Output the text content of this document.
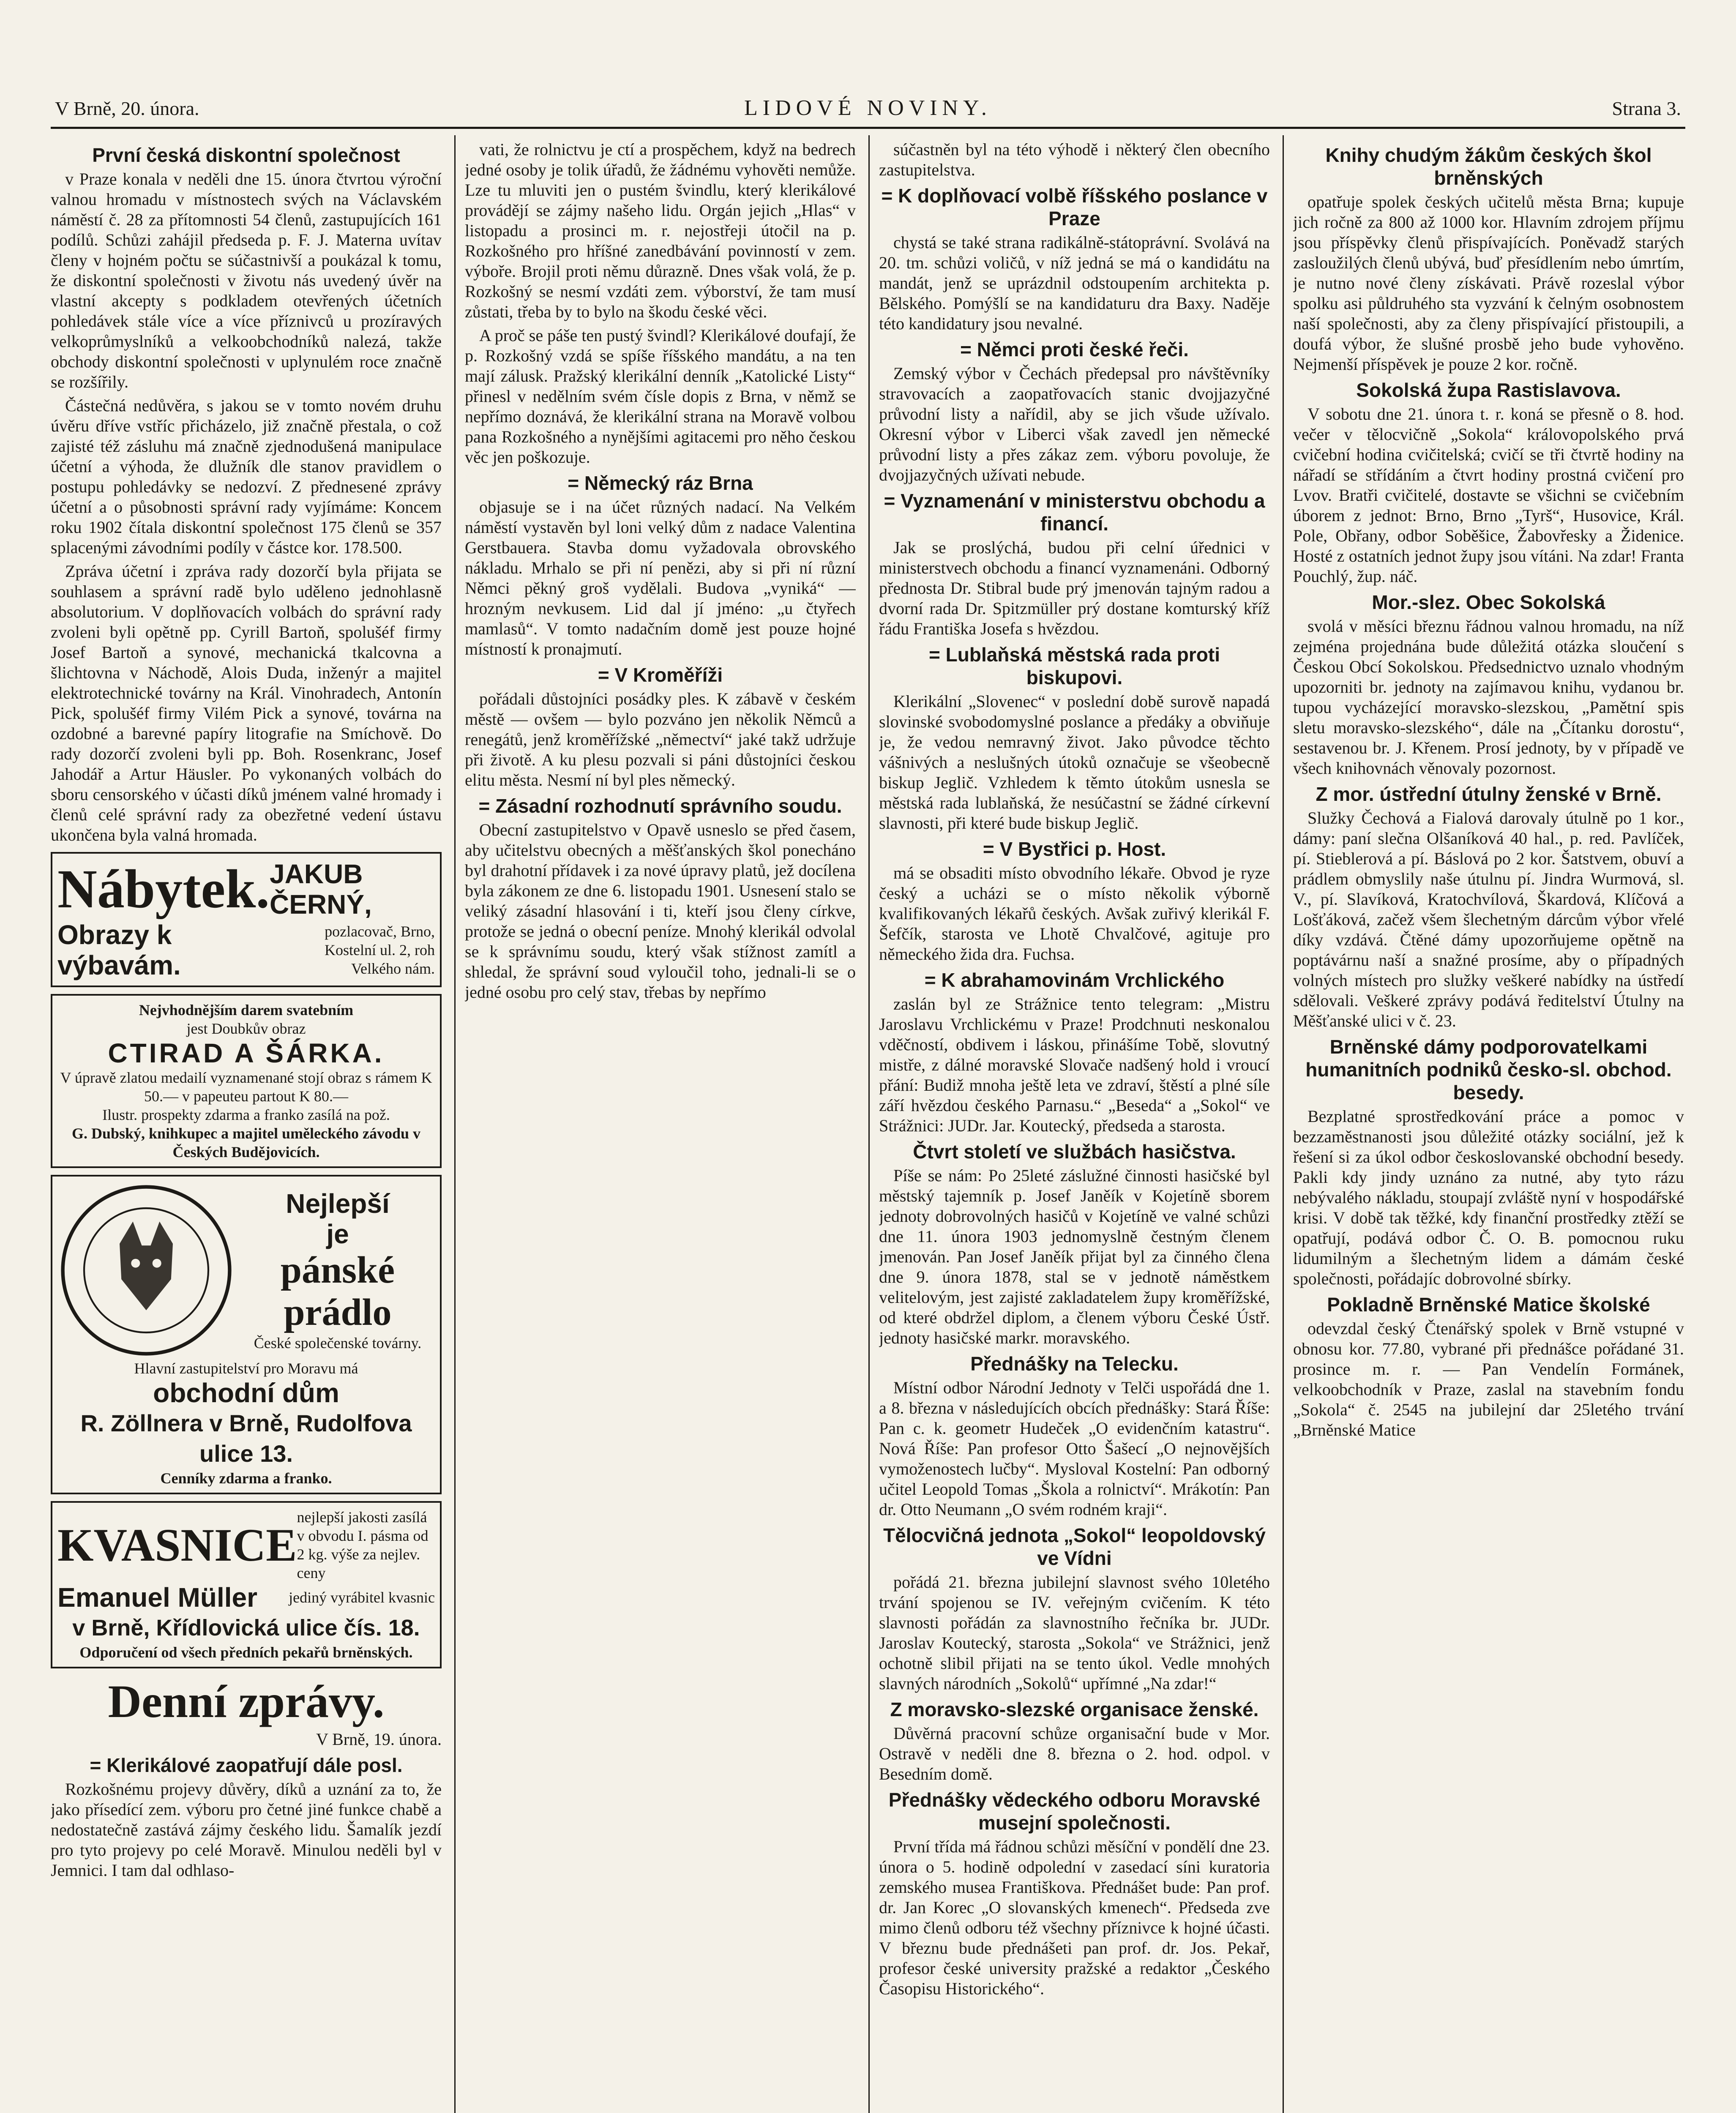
V Brně, 20. února.	LIDOVÉ NOVINY.	Strana 3.
První česká diskontní společnost

v Praze konala v neděli dne 15. února čtvrtou výroční valnou hromadu v místnostech svých na Václavském náměstí č. 28 za přítomnosti 54 členů, zastupujících 161 podílů. Schůzi zahájil předseda p. F. J. Materna uvítav členy v hojném počtu se súčastnivší a poukázal k tomu, že diskontní společnosti v životu nás uvedený úvěr na vlastní akcepty s podkladem otevřených účetních pohledávek stále více a více příznivců u prozíravých velkoprůmyslníků a velkoobchodníků nalezá, takže obchody diskontní společnosti v uplynulém roce značně se rozšířily.

Částečná nedůvěra, s jakou se v tomto novém druhu úvěru dříve vstříc přicházelo, již značně přestala, o což zajisté též zásluhu má značně zjednodušená manipulace účetní a výhoda, že dlužník dle stanov pravidlem o postupu pohledávky se nedozví. Z přednesené zprávy účetní a o působnosti správní rady vyjímáme: Koncem roku 1902 čítala diskontní společnost 175 členů se 357 splacenými závodními podíly v částce kor. 178.500.

Zpráva účetní i zpráva rady dozorčí byla přijata se souhlasem a správní radě bylo uděleno jednohlasně absolutorium. V doplňovacích volbách do správní rady zvoleni byli opětně pp. Cyrill Bartoň, spolušéf firmy Josef Bartoň a synové, mechanická tkalcovna a šlichtovna v Náchodě, Alois Duda, inženýr a majitel elektrotechnické továrny na Král. Vinohradech, Antonín Pick, spolušéf firmy Vilém Pick a synové, továrna na ozdobné a barevné papíry litografie na Smíchově. Do rady dozorčí zvoleni byli pp. Boh. Rosenkranc, Josef Jahodář a Artur Häusler. Po vykonaných volbách do sboru censorského v účasti díků jménem valné hromady i členů celé správní rady za obezřetné vedení ústavu ukončena byla valná hromada.

Nábytek. JAKUB ČERNÝ,
Obrazy k výbavám.
pozlacovač, Brno, Kostelní ul. 2, roh Velkého nám.
Nejvhodnějším darem svatebním
jest Doubkův obraz
CTIRAD A ŠÁRKA.
V úpravě zlatou medailí vyznamenané stojí obraz s rámem K 50.— v papeuteu partout K 80.—
Ilustr. prospekty zdarma a franko zasílá na pož.
G. Dubský, knihkupec a majitel uměleckého závodu v Českých Budějovicích.
Nejlepší
je
pánské prádlo
České společenské továrny.
Hlavní zastupitelství pro Moravu má
obchodní dům
R. Zöllnera v Brně, Rudolfova ulice 13.
Cenníky zdarma a franko.
KVASNICE
nejlepší jakosti zasílá v obvodu I. pásma od 2 kg. výše za nejlev. ceny
Emanuel Müller jediný vyrábitel kvasnic
v Brně, Křídlovická ulice čís. 18.
Odporučení od všech předních pekařů brněnských.
Denní zprávy.
V Brně, 19. února.
= Klerikálové zaopatřují dále posl.

Rozkošnému projevy důvěry, díků a uznání za to, že jako přísedící zem. výboru pro četné jiné funkce chabě a nedostatečně zastává zájmy českého lidu. Šamalík jezdí pro tyto projevy po celé Moravě. Minulou neděli byl v Jemnici. I tam dal odhlaso-

vati, že rolnictvu je ctí a prospěchem, když na bedrech jedné osoby je tolik úřadů, že žádnému vyhověti nemůže. Lze tu mluviti jen o pustém švindlu, který klerikálové provádějí se zájmy našeho lidu. Orgán jejich „Hlas“ v listopadu a prosinci m. r. nejostřeji útočil na p. Rozkošného pro hříšné zanedbávání povinností v zem. výboře. Brojil proti němu důrazně. Dnes však volá, že p. Rozkošný se nesmí vzdáti zem. výborství, že tam musí zůstati, třeba by to bylo na škodu české věci.

A proč se páše ten pustý švindl? Klerikálové doufají, že p. Rozkošný vzdá se spíše říšského mandátu, a na ten mají zálusk. Pražský klerikální denník „Katolické Listy“ přinesl v nedělním svém čísle dopis z Brna, v němž se nepřímo doznává, že klerikální strana na Moravě volbou pana Rozkošného a nynějšími agitacemi pro něho českou věc jen poškozuje.

= Německý ráz Brna

objasuje se i na účet různých nadací. Na Velkém náměstí vystavěn byl loni velký dům z nadace Valentina Gerstbauera. Stavba domu vyžadovala obrovského nákladu. Mrhalo se při ní penězi, aby si při ní různí Němci pěkný groš vydělali. Budova „vyniká“ — hrozným nevkusem. Lid dal jí jméno: „u čtyřech mamlasů“. V tomto nadačním domě jest pouze hojné místností k pronajmutí.

= V Kroměříži

pořádali důstojníci posádky ples. K zábavě v českém městě — ovšem — bylo pozváno jen několik Němců a renegátů, jenž kroměřížské „němectví“ jaké takž udržuje při životě. A ku plesu pozvali si páni důstojníci českou elitu města. Nesmí ní byl ples německý.

= Zásadní rozhodnutí správního soudu.

Obecní zastupitelstvo v Opavě usneslo se před časem, aby učitelstvu obecných a měšťanských škol ponecháno byl drahotní přídavek i za nové úpravy platů, jež docílena byla zákonem ze dne 6. listopadu 1901. Usnesení stalo se veliký zásadní hlasování i ti, kteří jsou členy církve, protože se jedná o obecní peníze. Mnohý klerikál odvolal se k správnímu soudu, který však stížnost zamítl a shledal, že správní soud vyloučil toho, jednali-li se o jedné osobu pro celý stav, třebas by nepřímo

súčastněn byl na této výhodě i některý člen obecního zastupitelstva.

= K doplňovací volbě říšského poslance v Praze

chystá se také strana radikálně-státoprávní. Svolává na 20. tm. schůzi voličů, v níž jedná se má o kandidátu na mandát, jenž se uprázdnil odstoupením architekta p. Bělského. Pomýšlí se na kandidaturu dra Baxy. Naděje této kandidatury jsou nevalné.

= Němci proti české řeči.

Zemský výbor v Čechách předepsal pro návštěvníky stravovacích a zaopatřovacích stanic dvojjazyčné průvodní listy a nařídil, aby se jich všude užívalo. Okresní výbor v Liberci však zavedl jen německé průvodní listy a přes zákaz zem. výboru povoluje, že dvojjazyčných užívati nebude.

= Vyznamenání v ministerstvu obchodu a financí.

Jak se proslýchá, budou při celní úřednici v ministerstvech obchodu a financí vyznamenáni. Odborný přednosta Dr. Stibral bude prý jmenován tajným radou a dvorní rada Dr. Spitzmüller prý dostane komturský kříž řádu Františka Josefa s hvězdou.

= Lublaňská městská rada proti biskupovi.

Klerikální „Slovenec“ v poslední době surově napadá slovinské svobodomyslné poslance a předáky a obviňuje je, že vedou nemravný život. Jako původce těchto vášnivých a neslušných útoků označuje se všeobecně biskup Jeglič. Vzhledem k těmto útokům usnesla se městská rada lublaňská, že nesúčastní se žádné církevní slavnosti, při které bude biskup Jeglič.

= V Bystřici p. Host.

má se obsaditi místo obvodního lékaře. Obvod je ryze český a ucházi se o místo několik výborně kvalifikovaných lékařů českých. Avšak zuřivý klerikál F. Šefčík, starosta ve Lhotě Chvalčové, agituje pro německého žida dra. Fuchsa.

= K abrahamovinám Vrchlického

zaslán byl ze Strážnice tento telegram: „Mistru Jaroslavu Vrchlickému v Praze! Prodchnuti neskonalou vděčností, obdivem i láskou, přinášíme Tobě, slovutný mistře, z dálné moravské Slovače nadšený hold i vroucí přání: Budiž mnoha ještě leta ve zdraví, štěstí a plné síle září hvězdou českého Parnasu.“ „Beseda“ a „Sokol“ ve Strážnici: JUDr. Jar. Koutecký, předseda a starosta.

Čtvrt století ve službách hasičstva.

Píše se nám: Po 25leté záslužné činnosti hasičské byl městský tajemník p. Josef Janěík v Kojetíně sborem jednoty dobrovolných hasičů v Kojetíně ve valné schůzi dne 11. února 1903 jednomyslně čestným členem jmenován. Pan Josef Janěík přijat byl za činného člena dne 9. února 1878, stal se v jednotě náměstkem velitelovým, jest zajisté zakladatelem župy kroměřížské, od které obdržel diplom, a členem výboru České Ústř. jednoty hasičské markr. moravského.

Přednášky na Telecku.

Místní odbor Národní Jednoty v Telči uspořádá dne 1. a 8. března v následujících obcích přednášky: Stará Říše: Pan c. k. geometr Hudeček „O evidenčním katastru“. Nová Říše: Pan profesor Otto Šašecí „O nejnovějších vymoženostech lučby“. Mysloval Kostelní: Pan odborný učitel Leopold Tomas „Škola a rolnictví“. Mrákotín: Pan dr. Otto Neumann „O svém rodném kraji“.

Tělocvičná jednota „Sokol“ leopoldovský ve Vídni

pořádá 21. března jubilejní slavnost svého 10letého trvání spojenou se IV. veřejným cvičením. K této slavnosti pořádán za slavnostního řečníka br. JUDr. Jaroslav Koutecký, starosta „Sokola“ ve Strážnici, jenž ochotně slibil přijati na se tento úkol. Vedle mnohých slavných národních „Sokolů“ upřímné „Na zdar!“

Z moravsko-slezské organisace ženské.

Důvěrná pracovní schůze organisační bude v Mor. Ostravě v neděli dne 8. března o 2. hod. odpol. v Besedním domě.

Přednášky vědeckého odboru Moravské musejní společnosti.

První třída má řádnou schůzi měsíční v pondělí dne 23. února o 5. hodině odpolední v zasedací síni kuratoria zemského musea Františkova. Přednášet bude: Pan prof. dr. Jan Korec „O slovanských kmenech“. Předseda zve mimo členů odboru též všechny příznivce k hojné účasti. V březnu bude přednášeti pan prof. dr. Jos. Pekař, profesor české university pražské a redaktor „Českého Časopisu Historického“.

Knihy chudým žákům českých škol brněnských

opatřuje spolek českých učitelů města Brna; kupuje jich ročně za 800 až 1000 kor. Hlavním zdrojem příjmu jsou příspěvky členů přispívajících. Poněvadž starých zasloužilých členů ubývá, buď přesídlením nebo úmrtím, je nutno nové členy získávati. Právě rozeslal výbor spolku asi půldruhého sta vyzvání k čelným osobnostem naší společnosti, aby za členy přispívající přistoupili, a doufá výbor, že slušné prosbě jeho bude vyhověno. Nejmenší příspěvek je pouze 2 kor. ročně.

Sokolská župa Rastislavova.

V sobotu dne 21. února t. r. koná se přesně o 8. hod. večer v tělocvičně „Sokola“ královopolského prvá cvičební hodina cvičitelská; cvičí se tři čtvrtě hodiny na nářadí se střídáním a čtvrt hodiny prostná cvičení pro Lvov. Bratři cvičitelé, dostavte se všichni se cvičebním úborem z jednot: Brno, Brno „Tyrš“, Husovice, Král. Pole, Obřany, odbor Soběšice, Žabovřesky a Židenice. Hosté z ostatních jednot župy jsou vítáni. Na zdar! Franta Pouchlý, žup. náč.

Mor.-slez. Obec Sokolská

svolá v měsíci březnu řádnou valnou hromadu, na níž zejména projednána bude důležitá otázka sloučení s Českou Obcí Sokolskou. Předsednictvo uznalo vhodným upozorniti br. jednoty na zajímavou knihu, vydanou br. tupou vycházející moravsko-slezskou, „Pamětní spis sletu moravsko-slezského“, dále na „Čítanku dorostu“, sestavenou br. J. Křenem. Prosí jednoty, by v případě ve všech knihovnách věnovaly pozornost.

Z mor. ústřední útulny ženské v Brně.

Služky Čechová a Fialová darovaly útulně po 1 kor., dámy: paní slečna Olšaníková 40 hal., p. red. Pavlíček, pí. Stieblerová a pí. Báslová po 2 kor. Šatstvem, obuví a prádlem obmyslily naše útulnu pí. Jindra Wurmová, sl. V., pí. Slavíková, Kratochvílová, Škardová, Klíčová a Lošťáková, začež všem šlechetným dárcům výbor vřelé díky vzdává. Čtěné dámy upozorňujeme opětně na poptávárnu naší a snažné prosíme, aby o případných volných místech pro služky veškeré nabídky na ústředí sdělovali. Veškeré zprávy podává ředitelství Útulny na Měšťanské ulici v č. 23.

Brněnské dámy podporovatelkami humanitních podniků česko-sl. obchod. besedy.

Bezplatné sprostředkování práce a pomoc v bezzaměstnanosti jsou důležité otázky sociální, jež k řešení si za úkol odbor českoslovanské obchodní besedy. Pakli kdy jindy uznáno za nutné, aby tyto rázu nebývalého nákladu, stoupají zvláště nyní v hospodářské krisi. V době tak těžké, kdy finanční prostředky ztěží se opatřují, podává odbor Č. O. B. pomocnou ruku lidumilným a šlechetným lidem a dámám české společnosti, pořádajíc dobrovolné sbírky.

Pokladně Brněnské Matice školské

odevzdal český Čtenářský spolek v Brně vstupné v obnosu kor. 77.80, vybrané při přednášce pořádané 31. prosince m. r. — Pan Vendelín Formánek, velkoobchodník v Praze, zaslal na stavebním fondu „Sokola“ č. 2545 na jubilejní dar 25letého trvání „Brněnské Matice
